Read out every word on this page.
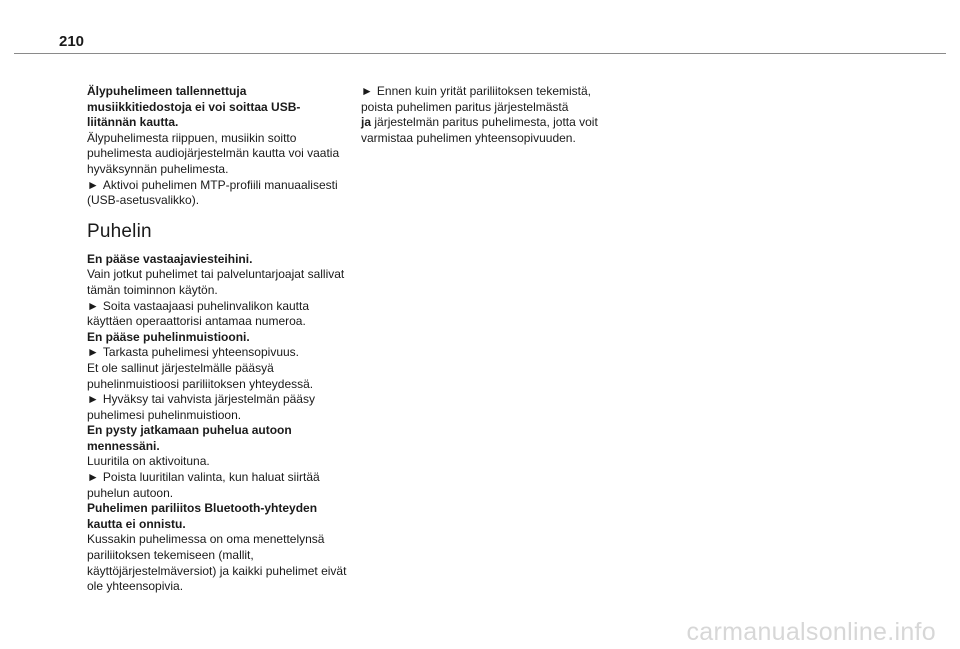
210

Älypuhelimeen tallennettuja musiikkitiedostoja ei voi soittaa USB-liitännän kautta.

Älypuhelimesta riippuen, musiikin soitto puhelimesta audiojärjestelmän kautta voi vaatia hyväksynnän puhelimesta.

► Aktivoi puhelimen MTP-profiili manuaalisesti (USB-asetusvalikko).

Puhelin

En pääse vastaajaviesteihini.

Vain jotkut puhelimet tai palveluntarjoajat sallivat tämän toiminnon käytön.

► Soita vastaajaasi puhelinvalikon kautta käyttäen operaattorisi antamaa numeroa.

En pääse puhelinmuistiooni.

► Tarkasta puhelimesi yhteensopivuus.

Et ole sallinut järjestelmälle pääsyä puhelinmuistioosi pariliitoksen yhteydessä.

► Hyväksy tai vahvista järjestelmän pääsy puhelimesi puhelinmuistioon.

En pysty jatkamaan puhelua autoon mennessäni.

Luuritila on aktivoituna.

► Poista luuritilan valinta, kun haluat siirtää puhelun autoon.

Puhelimen pariliitos Bluetooth-yhteyden kautta ei onnistu.

Kussakin puhelimessa on oma menettelynsä pariliitoksen tekemiseen (mallit, käyttöjärjestelmäversiot) ja kaikki puhelimet eivät ole yhteensopivia.

► Ennen kuin yrität pariliitoksen tekemistä, poista puhelimen paritus järjestelmästä
ja järjestelmän paritus puhelimesta, jotta voit varmistaa puhelimen yhteensopivuuden.

carmanualsonline.info
